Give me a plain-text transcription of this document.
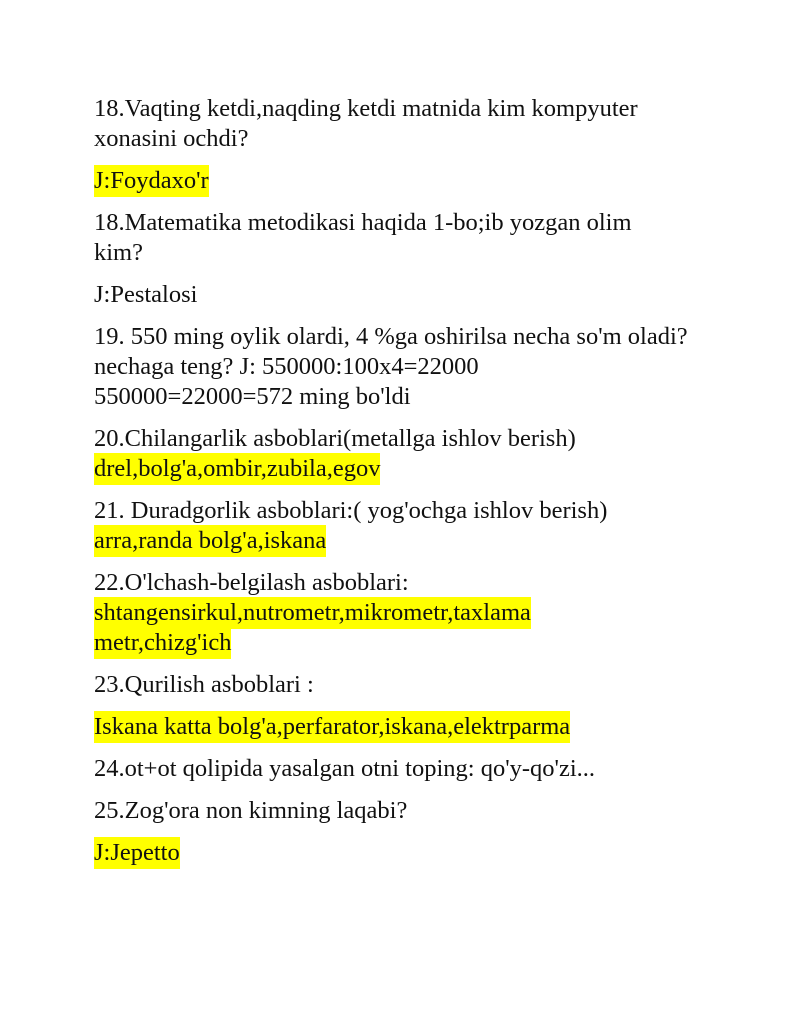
18.Vaqting ketdi,naqding ketdi matnida kim kompyuter
xonasini ochdi?
J:Foydaxo'r
18.Matematika metodikasi haqida 1-bo;ib yozgan olim
kim?
J:Pestalosi
19. 550 ming oylik olardi, 4 %ga oshirilsa necha so'm oladi?
nechaga teng? J: 550000:100x4=22000
550000=22000=572 ming bo'ldi
20.Chilangarlik asboblari(metallga ishlov berish)
drel,bolg'a,ombir,zubila,egov
21. Duradgorlik asboblari:( yog'ochga ishlov berish)
arra,randa bolg'a,iskana
22.O'lchash-belgilash asboblari:
shtangensirkul,nutrometr,mikrometr,taxlama
metr,chizg'ich
23.Qurilish asboblari :
Iskana katta bolg'a,perfarator,iskana,elektrparma
24.ot+ot qolipida yasalgan otni toping: qo'y-qo'zi...
25.Zog'ora non kimning laqabi?
J:Jepetto
